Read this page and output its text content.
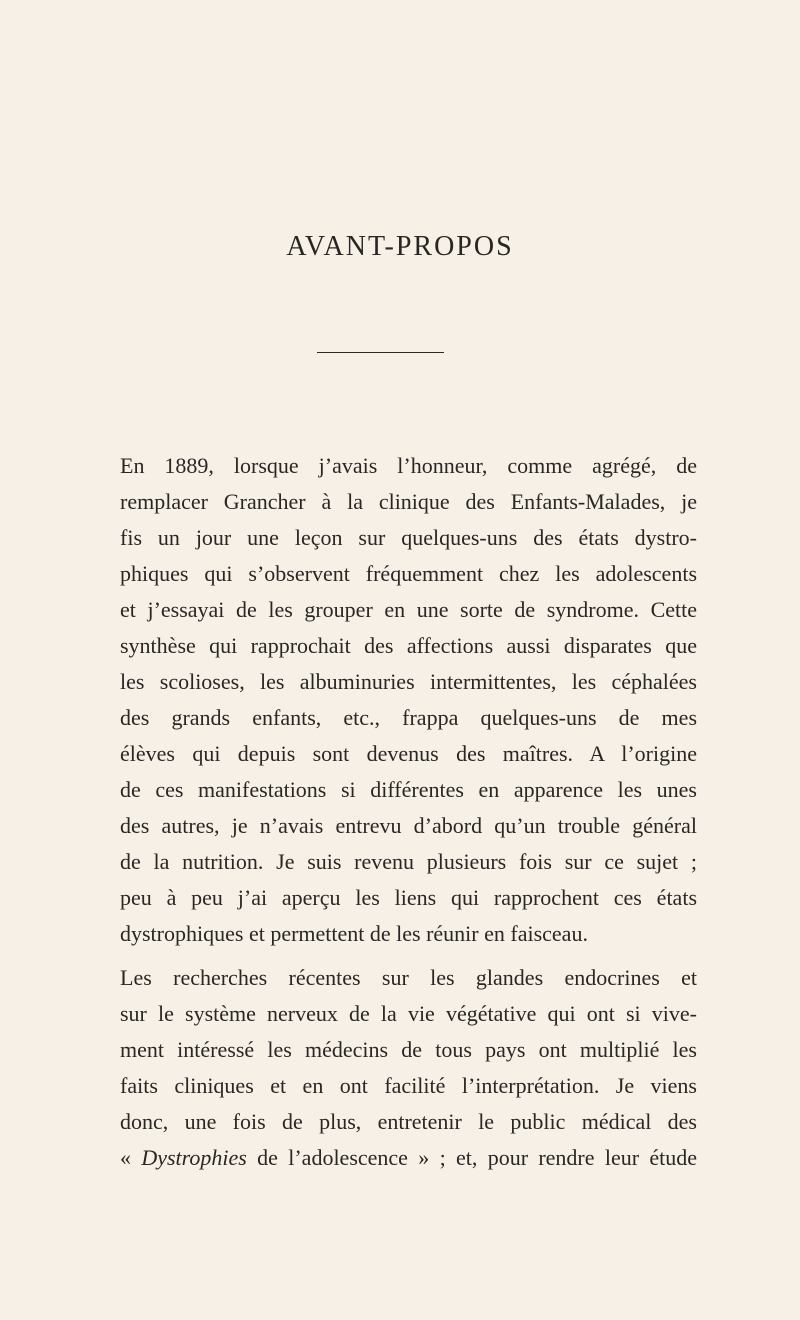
AVANT-PROPOS

En 1889, lorsque j’avais l’honneur, comme agrégé, de
remplacer Grancher à la clinique des Enfants-Malades, je
fis un jour une leçon sur quelques-uns des états dystro-
phiques qui s’observent fréquemment chez les adolescents
et j’essayai de les grouper en une sorte de syndrome. Cette
synthèse qui rapprochait des affections aussi disparates que
les scolioses, les albuminuries intermittentes, les céphalées
des grands enfants, etc., frappa quelques-uns de mes
élèves qui depuis sont devenus des maîtres. A l’origine
de ces manifestations si différentes en apparence les unes
des autres, je n’avais entrevu d’abord qu’un trouble général
de la nutrition. Je suis revenu plusieurs fois sur ce sujet ;
peu à peu j’ai aperçu les liens qui rapprochent ces états
dystrophiques et permettent de les réunir en faisceau.

Les recherches récentes sur les glandes endocrines et
sur le système nerveux de la vie végétative qui ont si vive-
ment intéressé les médecins de tous pays ont multiplié les
faits cliniques et en ont facilité l’interprétation. Je viens
donc, une fois de plus, entretenir le public médical des
« Dystrophies de l’adolescence » ; et, pour rendre leur étude
